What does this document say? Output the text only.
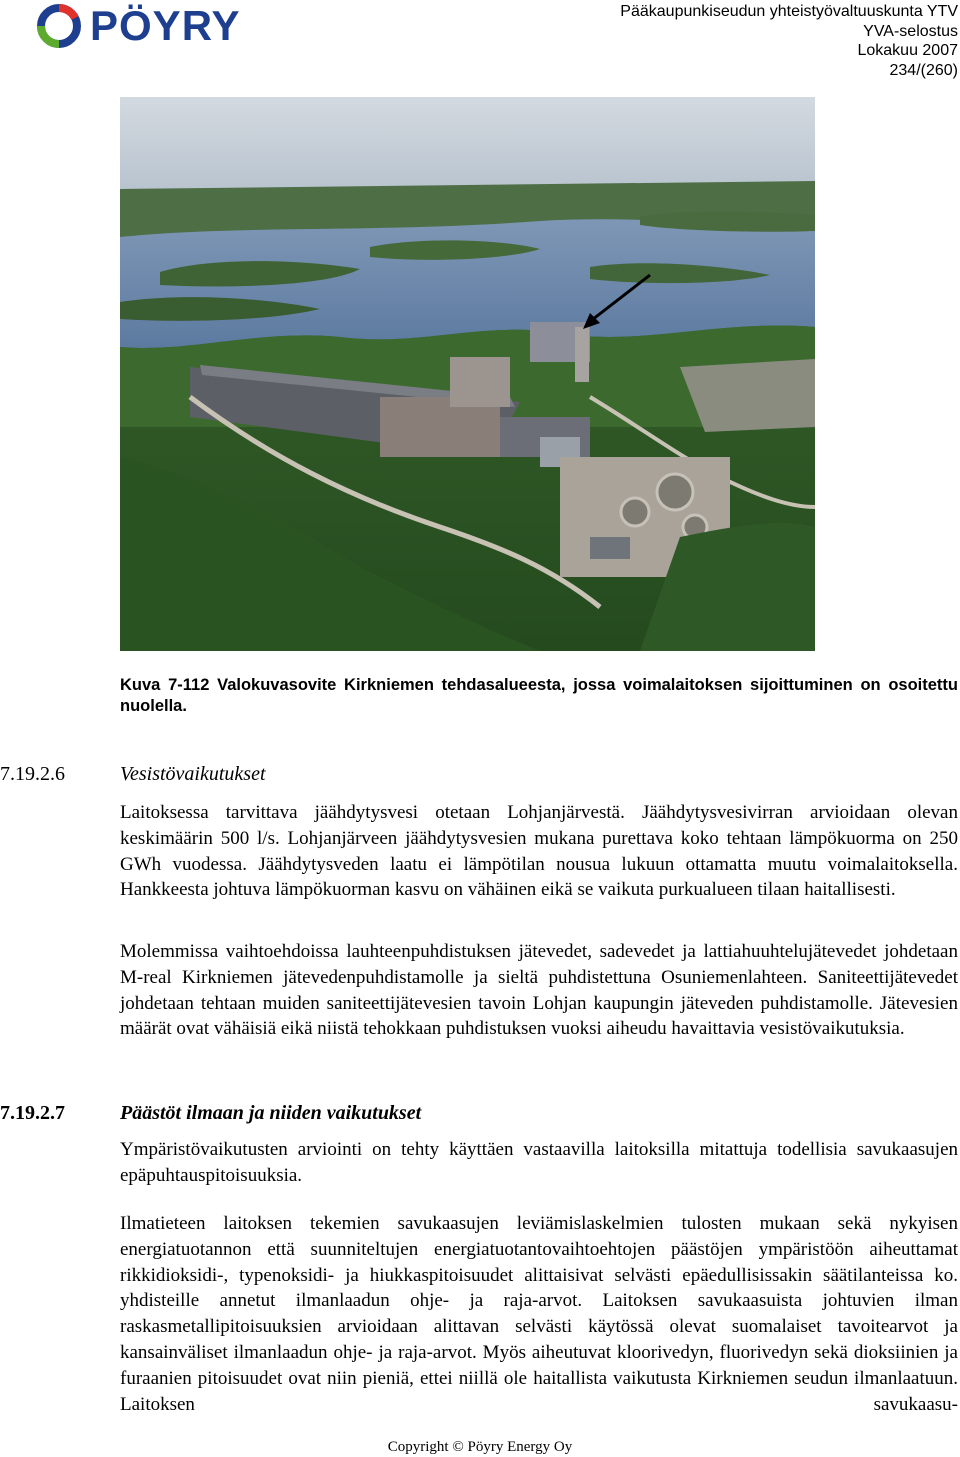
PÖYRY	Pääkaupunkiseudun yhteistyövaltuuskunta YTV
YVA-selostus
Lokakuu 2007
234/(260)
Kuva 7-112 Valokuvasovite Kirkniemen tehdasalueesta, jossa voimalaitoksen sijoittuminen on osoitettu nuolella.
7.19.2.6	Vesistövaikutukset

Laitoksessa tarvittava jäähdytysvesi otetaan Lohjanjärvestä. Jäähdytysvesivirran arvioidaan olevan keskimäärin 500 l/s. Lohjanjärveen jäähdytysvesien mukana purettava koko tehtaan lämpökuorma on 250 GWh vuodessa. Jäähdytysveden laatu ei lämpötilan nousua lukuun ottamatta muutu voimalaitoksella. Hankkeesta johtuva lämpökuorman kasvu on vähäinen eikä se vaikuta purkualueen tilaan haitallisesti.

Molemmissa vaihtoehdoissa lauhteenpuhdistuksen jätevedet, sadevedet ja lattiahuuhtelujätevedet johdetaan M-real Kirkniemen jätevedenpuhdistamolle ja sieltä puhdistettuna Osuniemenlahteen. Saniteettijätevedet johdetaan tehtaan muiden saniteettijätevesien tavoin Lohjan kaupungin jäteveden puhdistamolle. Jätevesien määrät ovat vähäisiä eikä niistä tehokkaan puhdistuksen vuoksi aiheudu havaittavia vesistövaikutuksia.

7.19.2.7	Päästöt ilmaan ja niiden vaikutukset

Ympäristövaikutusten arviointi on tehty käyttäen vastaavilla laitoksilla mitattuja todellisia savukaasujen epäpuhtauspitoisuuksia.

Ilmatieteen laitoksen tekemien savukaasujen leviämislaskelmien tulosten mukaan sekä nykyisen energiatuotannon että suunniteltujen energiatuotantovaihtoehtojen päästöjen ympäristöön aiheuttamat rikkidioksidi-, typenoksidi- ja hiukkaspitoisuudet alittaisivat selvästi epäedullisissakin säätilanteissa ko. yhdisteille annetut ilmanlaadun ohje- ja raja-arvot. Laitoksen savukaasuista johtuvien ilman raskasmetallipitoisuuksien arvioidaan alittavan selvästi käytössä olevat suomalaiset tavoitearvot ja kansainväliset ilmanlaadun ohje- ja raja-arvot. Myös aiheutuvat kloorivedyn, fluorivedyn sekä dioksiinien ja furaanien pitoisuudet ovat niin pieniä, ettei niillä ole haitallista vaikutusta Kirkniemen seudun ilmanlaatuun. Laitoksen savukaasu-

Copyright © Pöyry Energy Oy
